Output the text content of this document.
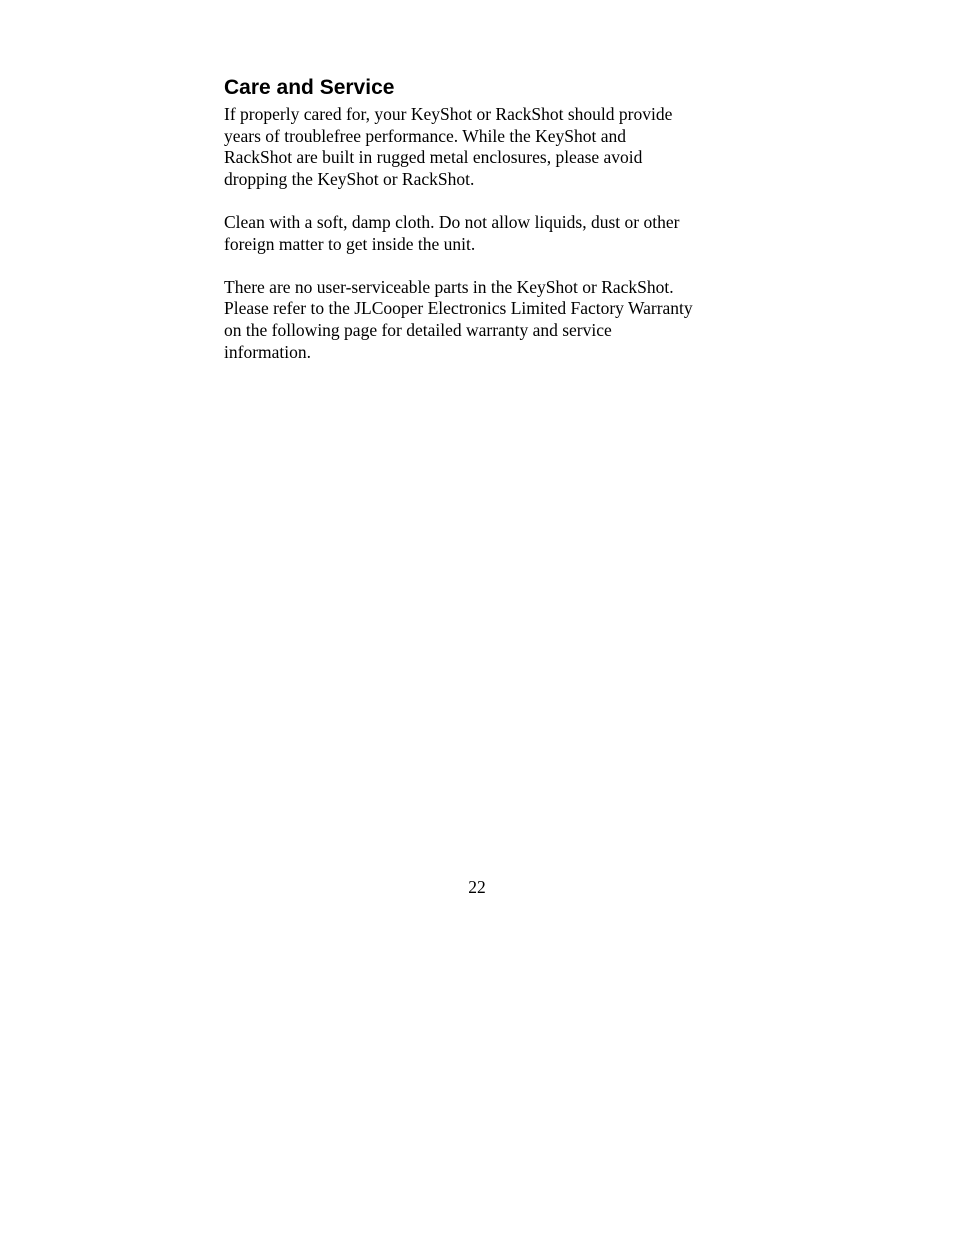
Care and Service

If properly cared for, your KeyShot or RackShot should provide
years of troublefree performance. While the KeyShot and
RackShot are built in rugged metal enclosures, please avoid
dropping the KeyShot or RackShot.

Clean with a soft, damp cloth. Do not allow liquids, dust or other
foreign matter to get inside the unit.

There are no user-serviceable parts in the KeyShot or RackShot.
Please refer to the JLCooper Electronics Limited Factory Warranty
on the following page for detailed warranty and service
information.

22
